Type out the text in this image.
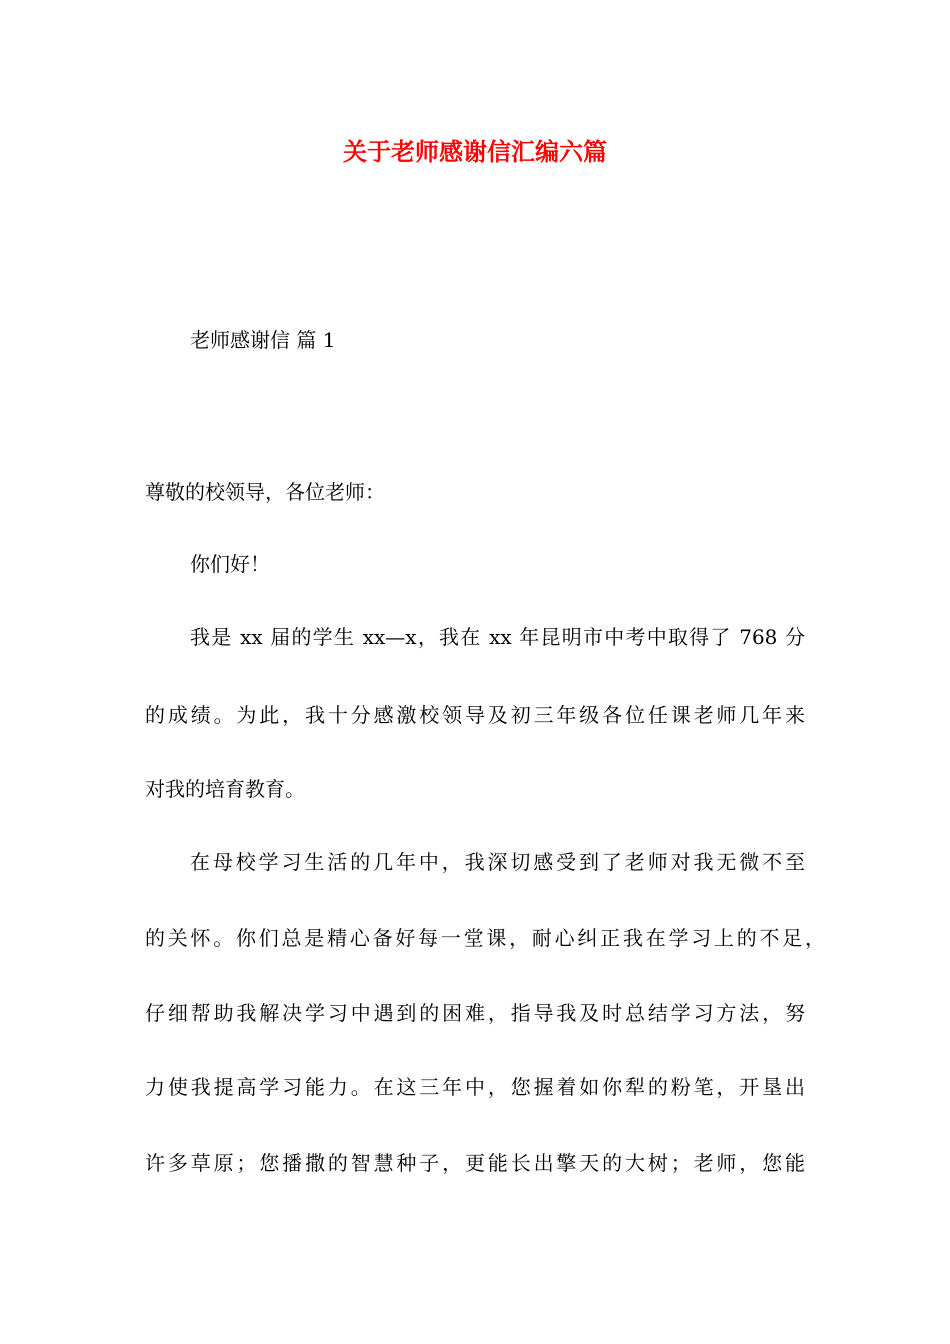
关于老师感谢信汇编六篇

老师感谢信 篇 1

尊敬的校领导，各位老师：

你们好！

我是 xx 届的学生 xx—x，我在 xx 年昆明市中考中取得了 768 分

的成绩。为此，我十分感激校领导及初三年级各位任课老师几年来

对我的培育教育。

在母校学习生活的几年中，我深切感受到了老师对我无微不至

的关怀。你们总是精心备好每一堂课，耐心纠正我在学习上的不足，

仔细帮助我解决学习中遇到的困难，指导我及时总结学习方法，努

力使我提高学习能力。在这三年中，您握着如你犁的粉笔，开垦出

许多草原；您播撒的智慧种子，更能长出擎天的大树；老师，您能
